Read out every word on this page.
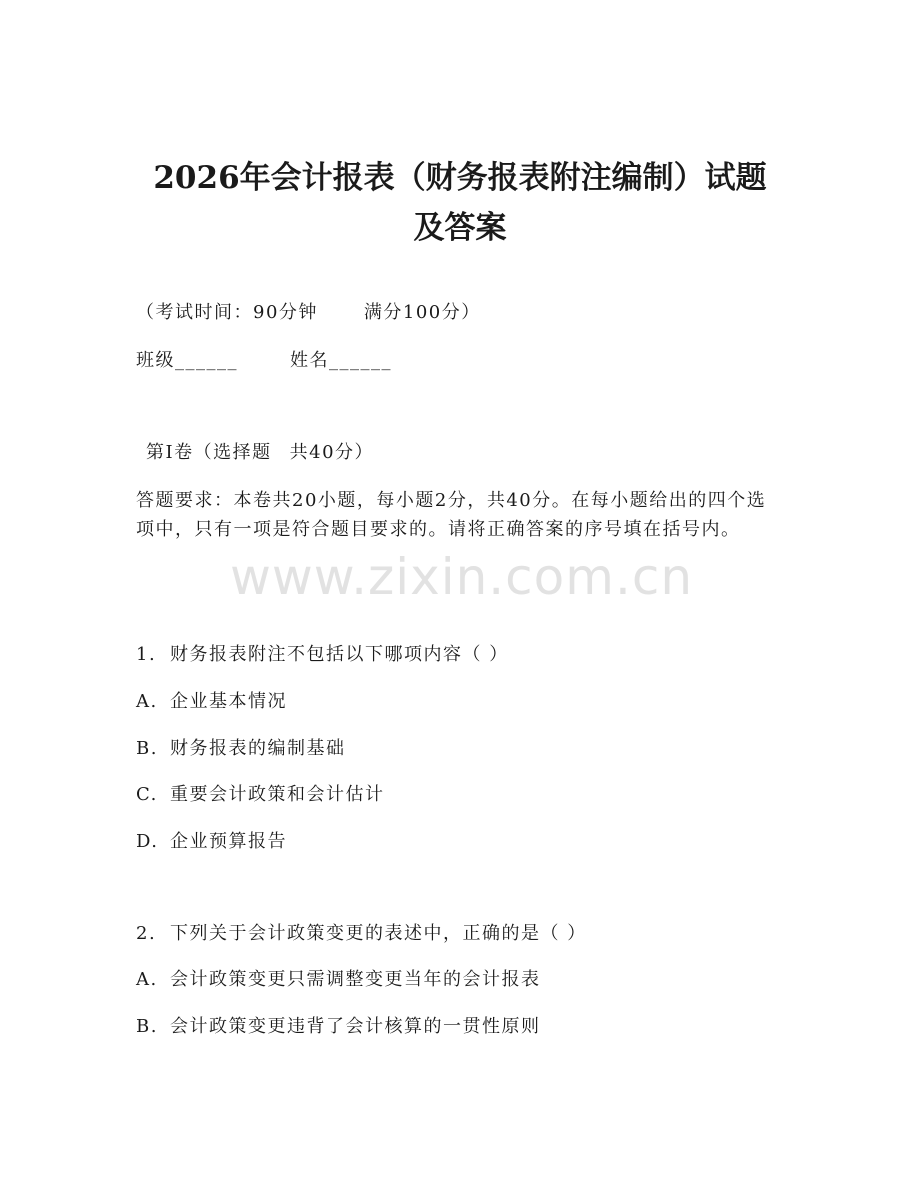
2026年会计报表（财务报表附注编制）试题
及答案

（考试时间：90分钟	满分100分）

班级______	姓名______

第Ⅰ卷（选择题 共40分）

答题要求：本卷共20小题，每小题2分，共40分。在每小题给出的四个选项中，只有一项是符合题目要求的。请将正确答案的序号填在括号内。

www.zixin.com.cn

1. 财务报表附注不包括以下哪项内容（ ）

A. 企业基本情况

B. 财务报表的编制基础

C. 重要会计政策和会计估计

D. 企业预算报告

2. 下列关于会计政策变更的表述中，正确的是（ ）

A. 会计政策变更只需调整变更当年的会计报表

B. 会计政策变更违背了会计核算的一贯性原则
